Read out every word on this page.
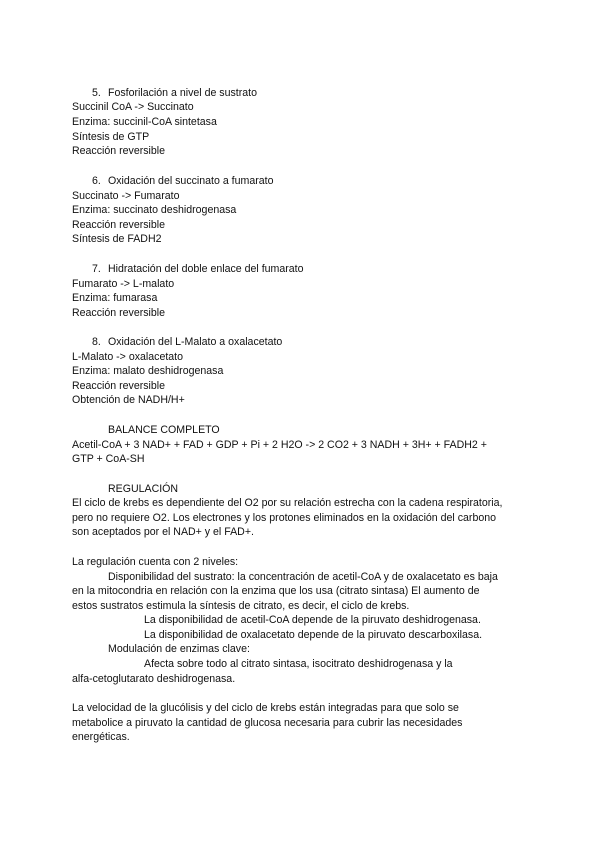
5. Fosforilación a nivel de sustrato
Succinil CoA -> Succinato
Enzima: succinil-CoA sintetasa
Síntesis de GTP
Reacción reversible
6. Oxidación del succinato a fumarato
Succinato -> Fumarato
Enzima: succinato deshidrogenasa
Reacción reversible
Síntesis de FADH2
7. Hidratación del doble enlace del fumarato
Fumarato -> L-malato
Enzima: fumarasa
Reacción reversible
8. Oxidación del L-Malato a oxalacetato
L-Malato -> oxalacetato
Enzima: malato deshidrogenasa
Reacción reversible
Obtención de NADH/H+
BALANCE COMPLETO
Acetil-CoA + 3 NAD+ + FAD + GDP + Pi + 2 H2O -> 2 CO2 + 3 NADH + 3H+ + FADH2 +
GTP + CoA-SH
REGULACIÓN
El ciclo de krebs es dependiente del O2 por su relación estrecha con la cadena respiratoria,
pero no requiere O2. Los electrones y los protones eliminados en la oxidación del carbono
son aceptados por el NAD+ y el FAD+.
La regulación cuenta con 2 niveles:
Disponibilidad del sustrato: la concentración de acetil-CoA y de oxalacetato es baja
en la mitocondria en relación con la enzima que los usa (citrato sintasa) El aumento de
estos sustratos estimula la síntesis de citrato, es decir, el ciclo de krebs.
La disponibilidad de acetil-CoA depende de la piruvato deshidrogenasa.
La disponibilidad de oxalacetato depende de la piruvato descarboxilasa.
Modulación de enzimas clave:
Afecta sobre todo al citrato sintasa, isocitrato deshidrogenasa y la
alfa-cetoglutarato deshidrogenasa.
La velocidad de la glucólisis y del ciclo de krebs están integradas para que solo se
metabolice a piruvato la cantidad de glucosa necesaria para cubrir las necesidades
energéticas.
